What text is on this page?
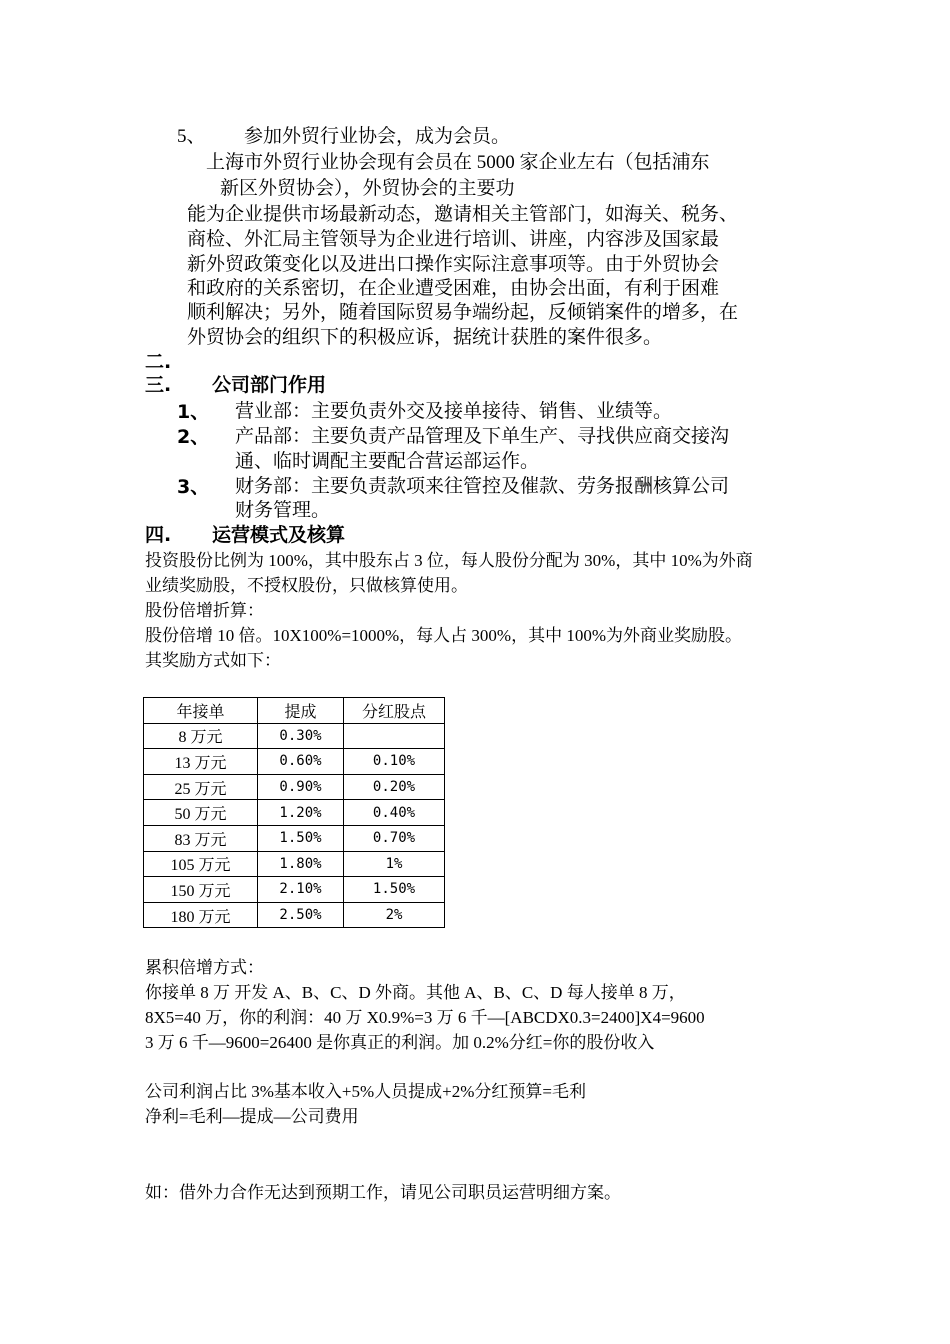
5、 参加外贸行业协会，成为会员。
上海市外贸行业协会现有会员在 5000 家企业左右（包括浦东
新区外贸协会），外贸协会的主要功
能为企业提供市场最新动态，邀请相关主管部门，如海关、税务、
商检、外汇局主管领导为企业进行培训、讲座，内容涉及国家最
新外贸政策变化以及进出口操作实际注意事项等。由于外贸协会
和政府的关系密切，在企业遭受困难，由协会出面，有利于困难
顺利解决；另外，随着国际贸易争端纷起，反倾销案件的增多，在
外贸协会的组织下的积极应诉，据统计获胜的案件很多。
二.
三. 公司部门作用
1、 营业部：主要负责外交及接单接待、销售、业绩等。
2、 产品部：主要负责产品管理及下单生产、寻找供应商交接沟
通、临时调配主要配合营运部运作。
3、 财务部：主要负责款项来往管控及催款、劳务报酬核算公司
财务管理。
四. 运营模式及核算
投资股份比例为 100%，其中股东占 3 位，每人股份分配为 30%，其中 10%为外商
业绩奖励股，不授权股份，只做核算使用。
股份倍增折算：
股份倍增 10 倍。10X100%=1000%，每人占 300%，其中 100%为外商业奖励股。
其奖励方式如下：
年接单	提成	分红股点
8 万元	0.30%	
13 万元	0.60%	0.10%
25 万元	0.90%	0.20%
50 万元	1.20%	0.40%
83 万元	1.50%	0.70%
105 万元	1.80%	1%
150 万元	2.10%	1.50%
180 万元	2.50%	2%
累积倍增方式：
你接单 8 万 开发 A、B、C、D 外商。其他 A、B、C、D 每人接单 8 万，
8X5=40 万，你的利润：40 万 X0.9%=3 万 6 千—[ABCDX0.3=2400]X4=9600
3 万 6 千—9600=26400 是你真正的利润。加 0.2%分红=你的股份收入
公司利润占比 3%基本收入+5%人员提成+2%分红预算=毛利
净利=毛利—提成—公司费用
如：借外力合作无达到预期工作，请见公司职员运营明细方案。
